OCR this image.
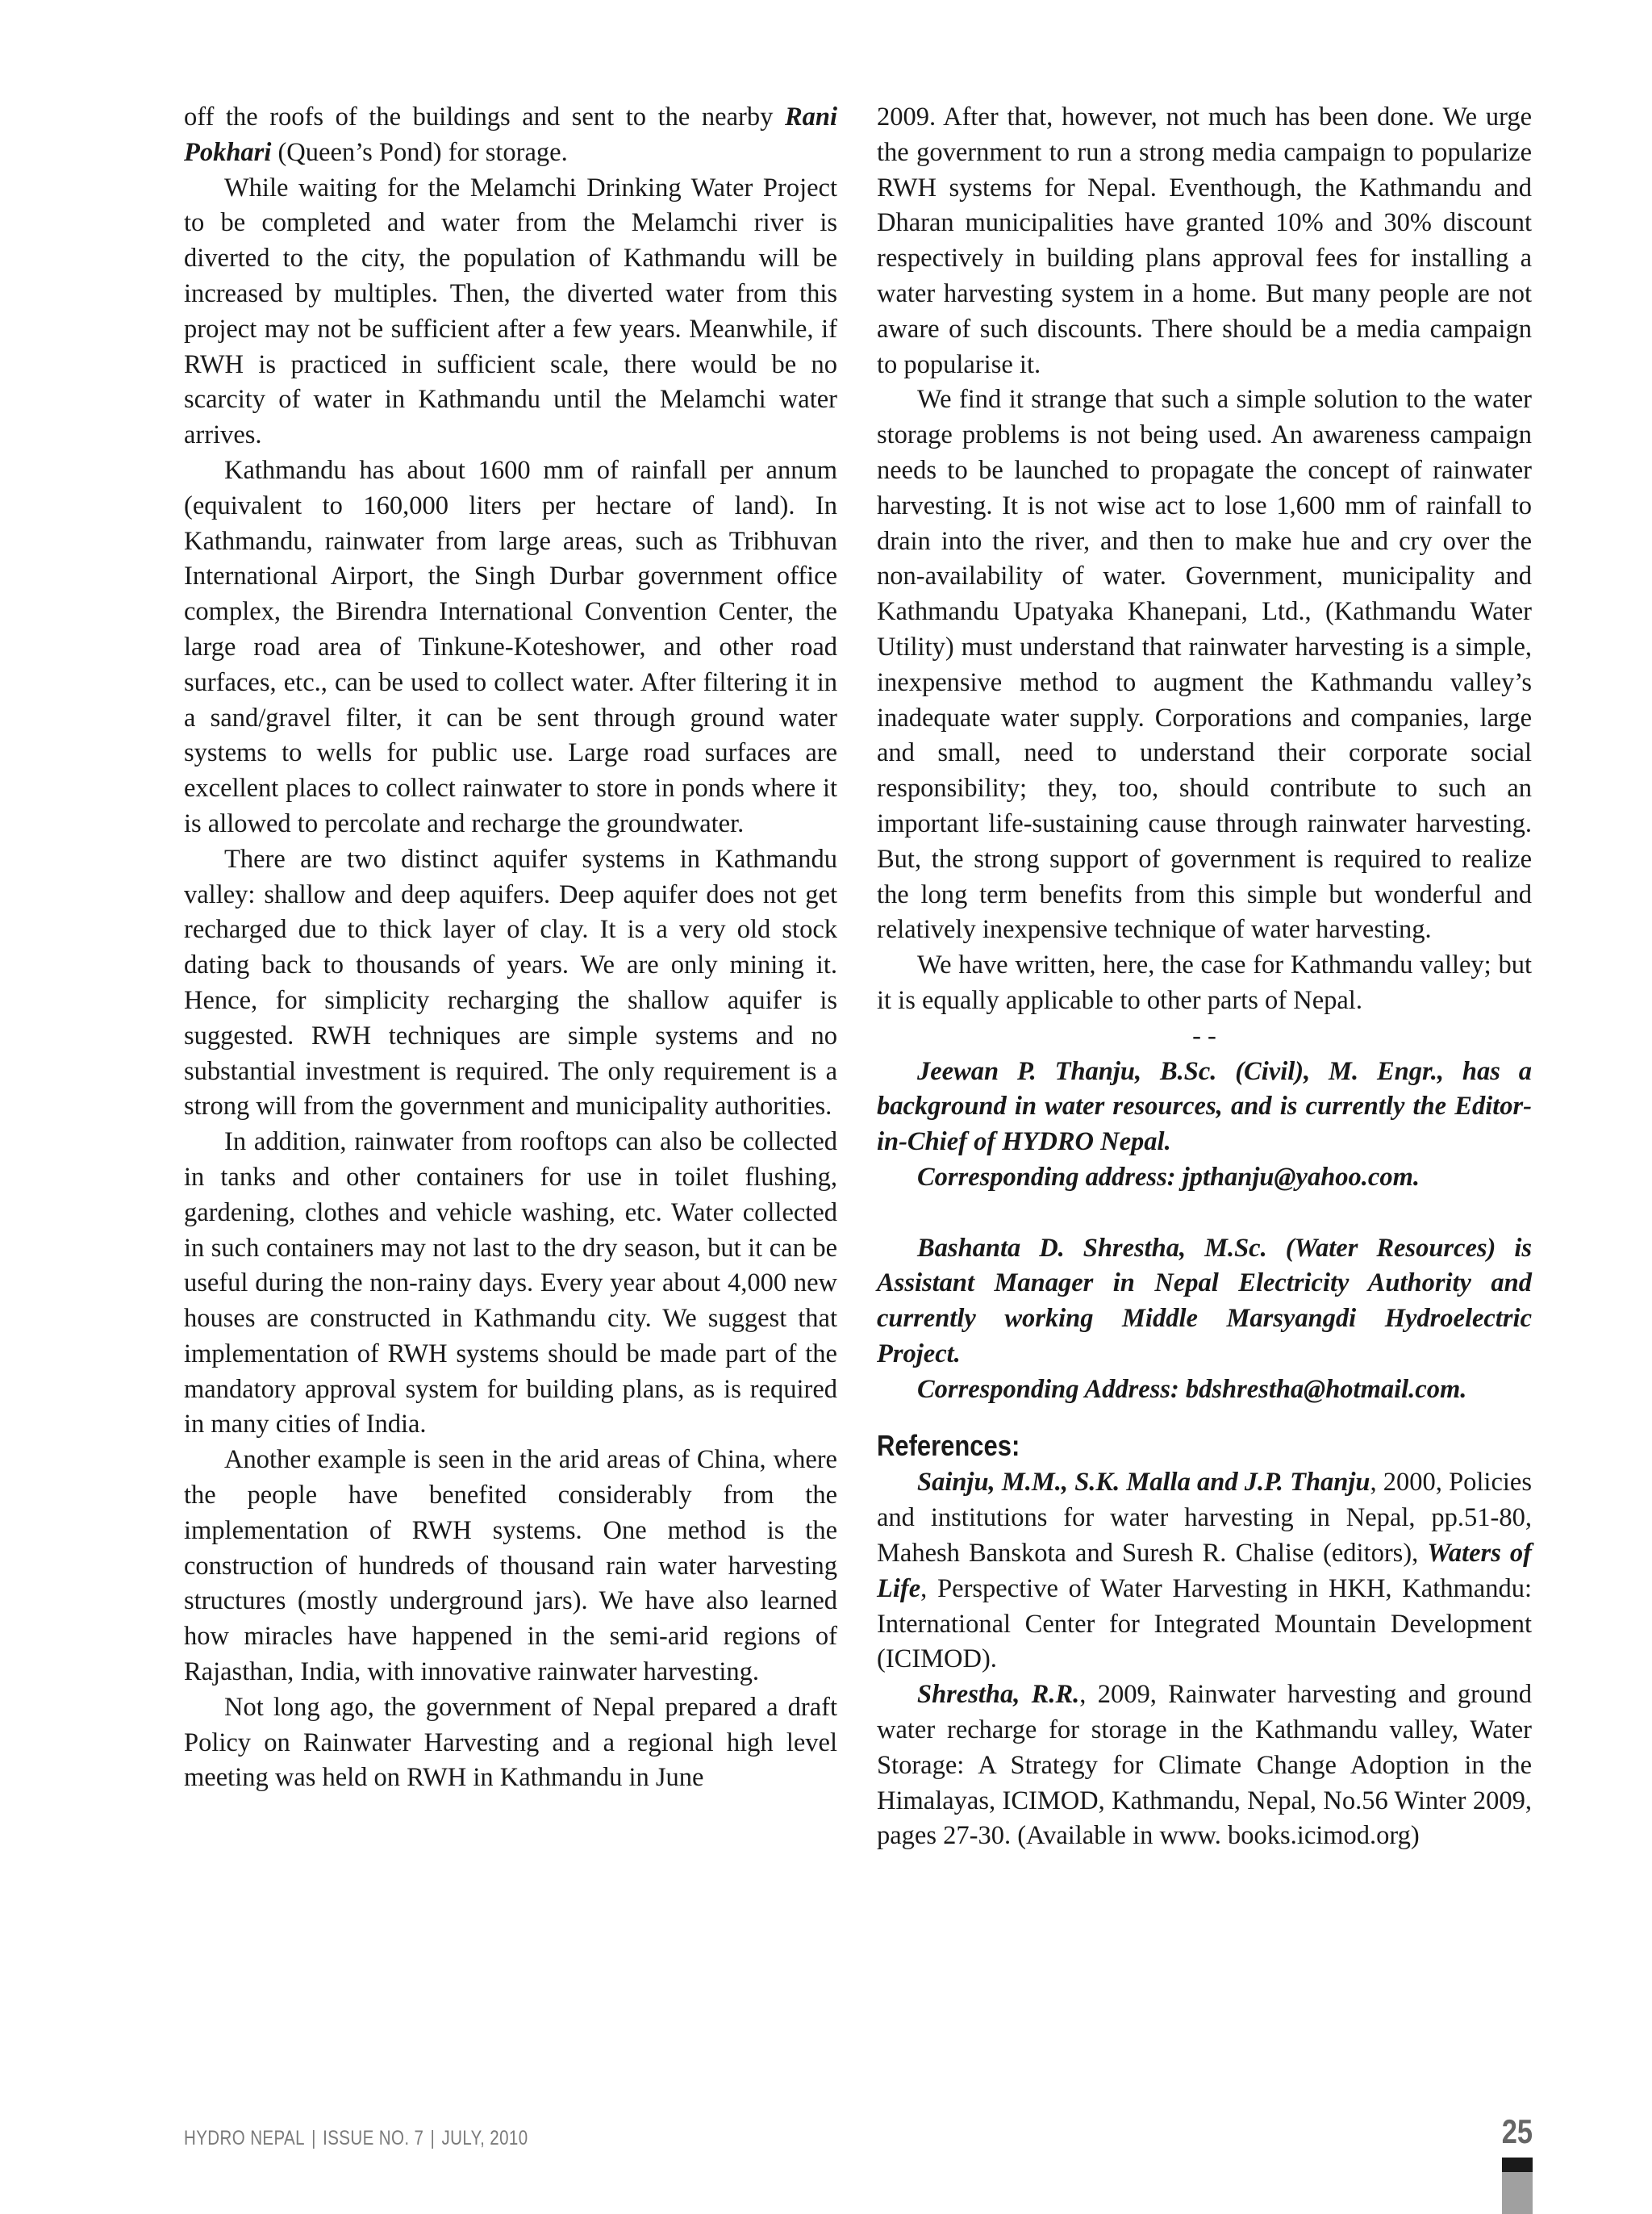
off the roofs of the buildings and sent to the nearby Rani Pokhari (Queen’s Pond) for storage.

While waiting for the Melamchi Drinking Water Project to be completed and water from the Melamchi river is diverted to the city, the population of Kathmandu will be increased by multiples. Then, the diverted water from this project may not be sufficient after a few years. Meanwhile, if RWH is practiced in sufficient scale, there would be no scarcity of water in Kathmandu until the Melamchi water arrives.

Kathmandu has about 1600 mm of rainfall per annum (equivalent to 160,000 liters per hectare of land). In Kathmandu, rainwater from large areas, such as Tribhuvan International Airport, the Singh Durbar government office complex, the Birendra International Convention Center, the large road area of Tinkune-Koteshower, and other road surfaces, etc., can be used to collect water. After filtering it in a sand/gravel filter, it can be sent through ground water systems to wells for public use. Large road surfaces are excellent places to collect rainwater to store in ponds where it is allowed to percolate and recharge the groundwater.

There are two distinct aquifer systems in Kathmandu valley: shallow and deep aquifers. Deep aquifer does not get recharged due to thick layer of clay. It is a very old stock dating back to thousands of years. We are only mining it. Hence, for simplicity recharging the shallow aquifer is suggested. RWH techniques are simple systems and no substantial investment is required. The only requirement is a strong will from the government and municipality authorities.

In addition, rainwater from rooftops can also be collected in tanks and other containers for use in toilet flushing, gardening, clothes and vehicle washing, etc. Water collected in such containers may not last to the dry season, but it can be useful during the non-rainy days. Every year about 4,000 new houses are constructed in Kathmandu city. We suggest that implementation of RWH systems should be made part of the mandatory approval system for building plans, as is required in many cities of India.

Another example is seen in the arid areas of China, where the people have benefited considerably from the implementation of RWH systems. One method is the construction of hundreds of thousand rain water harvesting structures (mostly underground jars). We have also learned how miracles have happened in the semi-arid regions of Rajasthan, India, with innovative rainwater harvesting.

Not long ago, the government of Nepal prepared a draft Policy on Rainwater Harvesting and a regional high level meeting was held on RWH in Kathmandu in June

2009. After that, however, not much has been done. We urge the government to run a strong media campaign to popularize RWH systems for Nepal. Eventhough, the Kathmandu and Dharan municipalities have granted 10% and 30% discount respectively in building plans approval fees for installing a water harvesting system in a home. But many people are not aware of such discounts. There should be a media campaign to popularise it.

We find it strange that such a simple solution to the water storage problems is not being used. An awareness campaign needs to be launched to propagate the concept of rainwater harvesting. It is not wise act to lose 1,600 mm of rainfall to drain into the river, and then to make hue and cry over the non-availability of water. Government, municipality and Kathmandu Upatyaka Khanepani, Ltd., (Kathmandu Water Utility) must understand that rainwater harvesting is a simple, inexpensive method to augment the Kathmandu valley’s inadequate water supply. Corporations and companies, large and small, need to understand their corporate social responsibility; they, too, should contribute to such an important life-sustaining cause through rainwater harvesting. But, the strong support of government is required to realize the long term benefits from this simple but wonderful and relatively inexpensive technique of water harvesting.

We have written, here, the case for Kathmandu valley; but it is equally applicable to other parts of Nepal.

- -

Jeewan P. Thanju, B.Sc. (Civil), M. Engr., has a background in water resources, and is currently the Editor-in-Chief of HYDRO Nepal.

Corresponding address: jpthanju@yahoo.com.

Bashanta D. Shrestha, M.Sc. (Water Resources) is Assistant Manager in Nepal Electricity Authority and currently working Middle Marsyangdi Hydroelectric Project.

Corresponding Address: bdshrestha@hotmail.com.

References:

Sainju, M.M., S.K. Malla and J.P. Thanju, 2000, Policies and institutions for water harvesting in Nepal, pp.51-80, Mahesh Banskota and Suresh R. Chalise (editors), Waters of Life, Perspective of Water Harvesting in HKH, Kathmandu: International Center for Integrated Mountain Development (ICIMOD).

Shrestha, R.R., 2009, Rainwater harvesting and ground water recharge for storage in the Kathmandu valley, Water Storage: A Strategy for Climate Change Adoption in the Himalayas, ICIMOD, Kathmandu, Nepal, No.56 Winter 2009, pages 27-30. (Available in www. books.icimod.org)

HYDRO NEPAL | ISSUE NO. 7 | JULY, 2010	25
